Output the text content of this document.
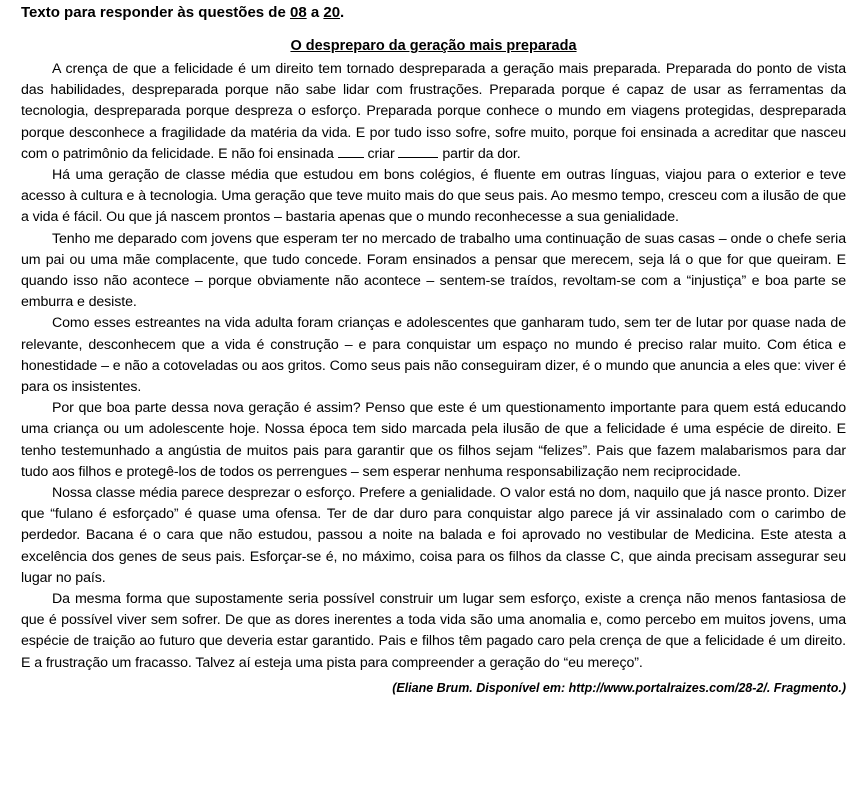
Texto para responder às questões de 08 a 20.
O despreparo da geração mais preparada

A crença de que a felicidade é um direito tem tornado despreparada a geração mais preparada. Preparada do ponto de vista das habilidades, despreparada porque não sabe lidar com frustrações. Preparada porque é capaz de usar as ferramentas da tecnologia, despreparada porque despreza o esforço. Preparada porque conhece o mundo em viagens protegidas, despreparada porque desconhece a fragilidade da matéria da vida. E por tudo isso sofre, sofre muito, porque foi ensinada a acreditar que nasceu com o patrimônio da felicidade. E não foi ensinada criar	partir da dor.

Há uma geração de classe média que estudou em bons colégios, é fluente em outras línguas, viajou para o exterior e teve acesso à cultura e à tecnologia. Uma geração que teve muito mais do que seus pais. Ao mesmo tempo, cresceu com a ilusão de que a vida é fácil. Ou que já nascem prontos – bastaria apenas que o mundo reconhecesse a sua genialidade.

Tenho me deparado com jovens que esperam ter no mercado de trabalho uma continuação de suas casas – onde o chefe seria um pai ou uma mãe complacente, que tudo concede. Foram ensinados a pensar que merecem, seja lá o que for que queiram. E quando isso não acontece – porque obviamente não acontece – sentem-se traídos, revoltam-se com a “injustiça” e boa parte se emburra e desiste.

Como esses estreantes na vida adulta foram crianças e adolescentes que ganharam tudo, sem ter de lutar por quase nada de relevante, desconhecem que a vida é construção – e para conquistar um espaço no mundo é preciso ralar muito. Com ética e honestidade – e não a cotoveladas ou aos gritos. Como seus pais não conseguiram dizer, é o mundo que anuncia a eles que: viver é para os insistentes.

Por que boa parte dessa nova geração é assim? Penso que este é um questionamento importante para quem está educando uma criança ou um adolescente hoje. Nossa época tem sido marcada pela ilusão de que a felicidade é uma espécie de direito. E tenho testemunhado a angústia de muitos pais para garantir que os filhos sejam “felizes”. Pais que fazem malabarismos para dar tudo aos filhos e protegê-los de todos os perrengues – sem esperar nenhuma responsabilização nem reciprocidade.

Nossa classe média parece desprezar o esforço. Prefere a genialidade. O valor está no dom, naquilo que já nasce pronto. Dizer que “fulano é esforçado” é quase uma ofensa. Ter de dar duro para conquistar algo parece já vir assinalado com o carimbo de perdedor. Bacana é o cara que não estudou, passou a noite na balada e foi aprovado no vestibular de Medicina. Este atesta a excelência dos genes de seus pais. Esforçar-se é, no máximo, coisa para os filhos da classe C, que ainda precisam assegurar seu lugar no país.

Da mesma forma que supostamente seria possível construir um lugar sem esforço, existe a crença não menos fantasiosa de que é possível viver sem sofrer. De que as dores inerentes a toda vida são uma anomalia e, como percebo em muitos jovens, uma espécie de traição ao futuro que deveria estar garantido. Pais e filhos têm pagado caro pela crença de que a felicidade é um direito. E a frustração um fracasso. Talvez aí esteja uma pista para compreender a geração do “eu mereço”.

(Eliane Brum. Disponível em: http://www.portalraizes.com/28-2/. Fragmento.)
